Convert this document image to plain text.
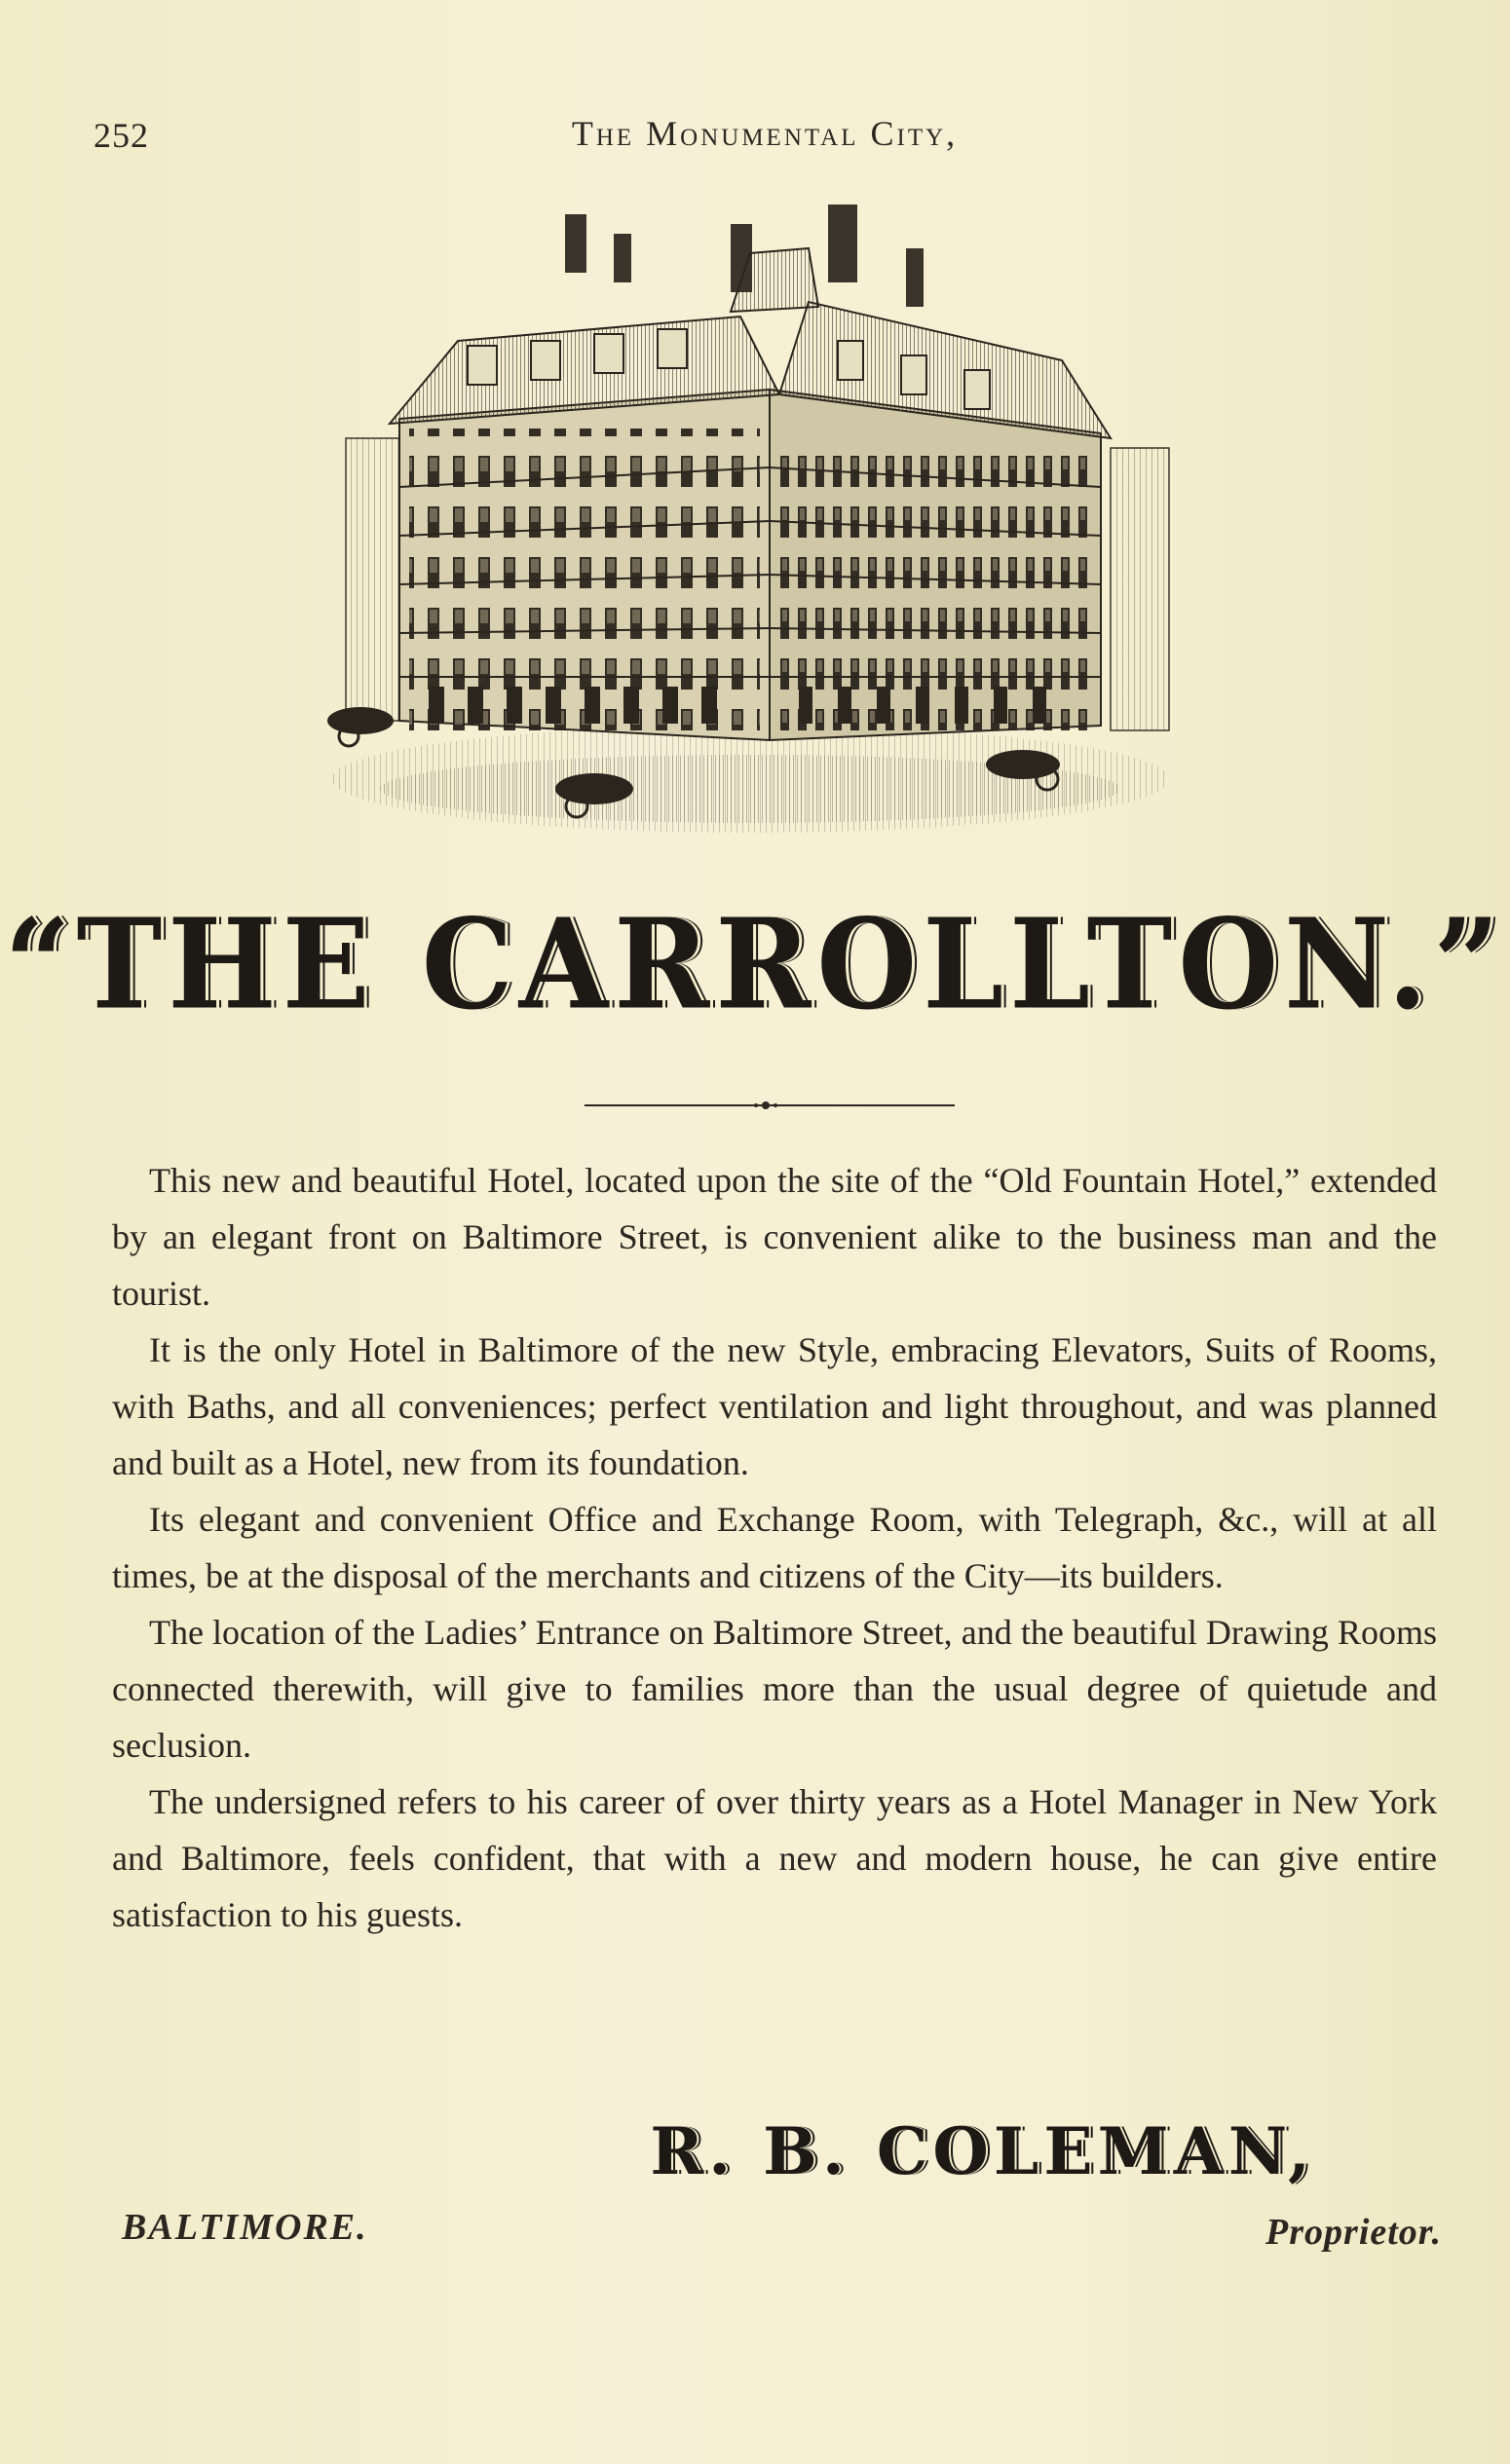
252	The Monumental City,
“THE CARROLLTON.”

This new and beautiful Hotel, located upon the site of the “Old Fountain Hotel,” extended by an elegant front on Baltimore Street, is convenient alike to the business man and the tourist.

It is the only Hotel in Baltimore of the new Style, embracing Elevators, Suits of Rooms, with Baths, and all conveniences; perfect ventilation and light throughout, and was planned and built as a Hotel, new from its foundation.

Its elegant and convenient Office and Exchange Room, with Telegraph, &c., will at all times, be at the disposal of the merchants and citizens of the City—its builders.

The location of the Ladies’ Entrance on Baltimore Street, and the beautiful Drawing Rooms connected therewith, will give to families more than the usual degree of quietude and seclusion.

The undersigned refers to his career of over thirty years as a Hotel Manager in New York and Baltimore, feels confident, that with a new and modern house, he can give entire satisfaction to his guests.

R. B. COLEMAN,
BALTIMORE.	Proprietor.
